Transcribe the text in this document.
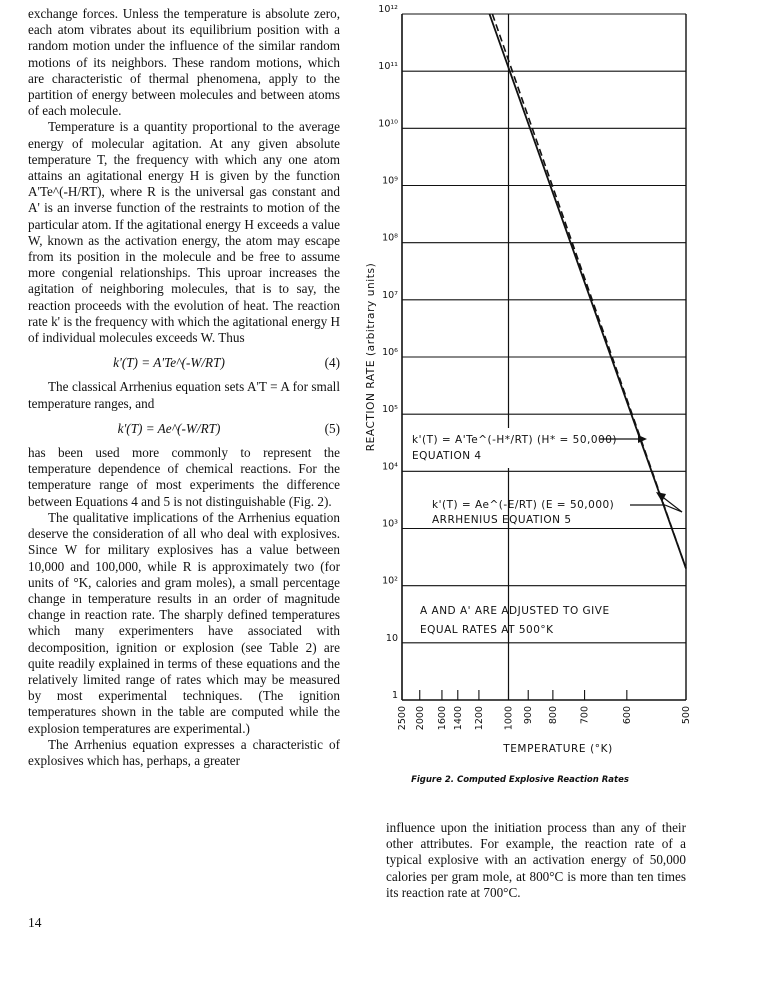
exchange forces. Unless the temperature is absolute zero, each atom vibrates about its equilibrium position with a random motion under the influence of the similar random motions of its neighbors. These random motions, which are characteristic of thermal phenomena, apply to the partition of energy between molecules and between atoms of each molecule.

Temperature is a quantity proportional to the average energy of molecular agitation. At any given absolute temperature T, the frequency with which any one atom attains an agitational energy H is given by the function A'Te^(-H/RT), where R is the universal gas constant and A' is an inverse function of the restraints to motion of the particular atom. If the agitational energy H exceeds a value W, known as the activation energy, the atom may escape from its position in the molecule and be free to assume more congenial relationships. This uproar increases the agitation of neighboring molecules, that is to say, the reaction proceeds with the evolution of heat. The reaction rate k' is the frequency with which the agitational energy H of individual molecules exceeds W. Thus

k'(T) = A'Te^(-W/RT)	(4)

The classical Arrhenius equation sets A'T = A for small temperature ranges, and

k'(T) = Ae^(-W/RT)	(5)

has been used more commonly to represent the temperature dependence of chemical reactions. For the temperature range of most experiments the difference between Equations 4 and 5 is not distinguishable (Fig. 2).

The qualitative implications of the Arrhenius equation deserve the consideration of all who deal with explosives. Since W for military explosives has a value between 10,000 and 100,000, while R is approximately two (for units of °K, calories and gram moles), a small percentage change in temperature results in an order of magnitude change in reaction rate. The sharply defined temperatures which many experimenters have associated with decomposition, ignition or explosion (see Table 2) are quite readily explained in terms of these equations and the relatively limited range of rates which may be measured by most experimental techniques. (The ignition temperatures shown in the table are computed while the explosion temperatures are experimental.)

The Arrhenius equation expresses a characteristic of explosives which has, perhaps, a greater

1
10
10²
10³
10⁴
10⁵
10⁶
10⁷
10⁸
10⁹
10¹⁰
10¹¹
10¹²
2500 2000 1600 1400 1200 1000 900 800 700	600	500
REACTION RATE (arbitrary units)
TEMPERATURE (°K)
k'(T) = A'Te^(-H*/RT) (H* = 50,000)
EQUATION 4
k'(T) = Ae^(-E/RT) (E = 50,000)
ARRHENIUS EQUATION 5
A AND A' ARE ADJUSTED TO GIVE
EQUAL RATES AT 500°K
Figure 2. Computed Explosive Reaction Rates

influence upon the initiation process than any of their other attributes. For example, the reaction rate of a typical explosive with an activation energy of 50,000 calories per gram mole, at 800°C is more than ten times its reaction rate at 700°C.

14
